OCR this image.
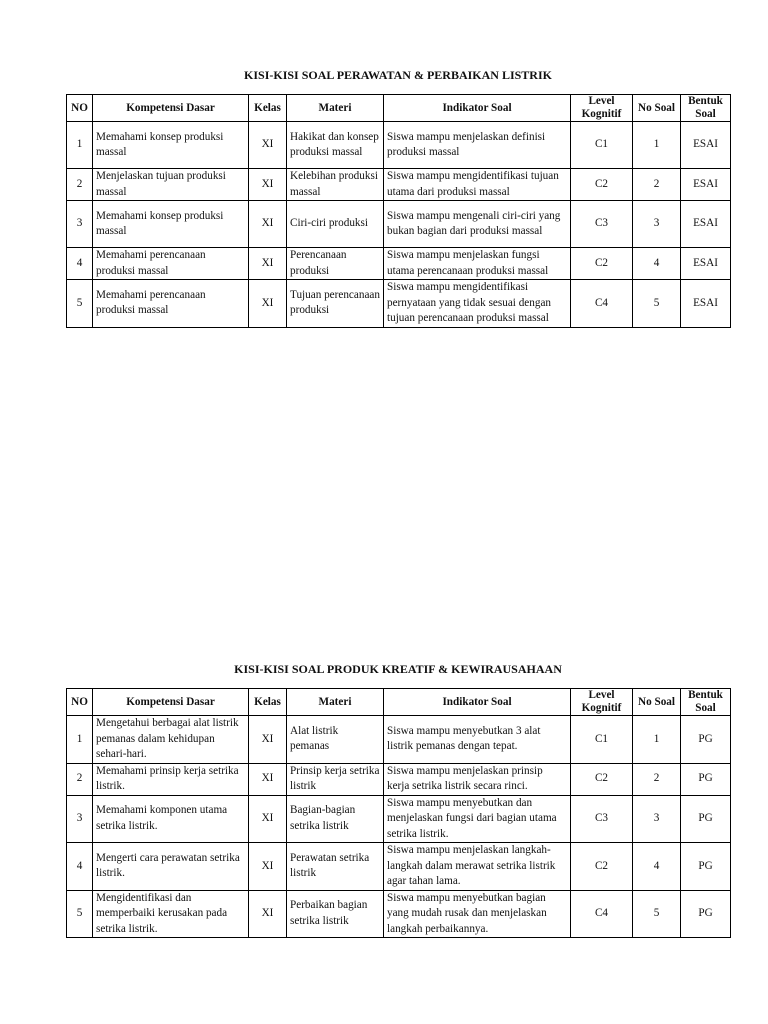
KISI-KISI SOAL PERAWATAN & PERBAIKAN LISTRIK
NO	Kompetensi Dasar	Kelas	Materi	Indikator Soal	Level Kognitif	No Soal	Bentuk Soal
1	Memahami konsep produksi massal	XI	Hakikat dan konsep produksi massal	Siswa mampu menjelaskan definisi produksi massal	C1	1	ESAI
2	Menjelaskan tujuan produksi massal	XI	Kelebihan produksi massal	Siswa mampu mengidentifikasi tujuan utama dari produksi massal	C2	2	ESAI
3	Memahami konsep produksi massal	XI	Ciri-ciri produksi	Siswa mampu mengenali ciri-ciri yang bukan bagian dari produksi massal	C3	3	ESAI
4	Memahami perencanaan produksi massal	XI	Perencanaan produksi	Siswa mampu menjelaskan fungsi utama perencanaan produksi massal	C2	4	ESAI
5	Memahami perencanaan produksi massal	XI	Tujuan perencanaan produksi	Siswa mampu mengidentifikasi pernyataan yang tidak sesuai dengan tujuan perencanaan produksi massal	C4	5	ESAI
KISI-KISI SOAL PRODUK KREATIF & KEWIRAUSAHAAN
NO	Kompetensi Dasar	Kelas	Materi	Indikator Soal	Level Kognitif	No Soal	Bentuk Soal
1	Mengetahui berbagai alat listrik pemanas dalam kehidupan sehari-hari.	XI	Alat listrik pemanas	Siswa mampu menyebutkan 3 alat listrik pemanas dengan tepat.	C1	1	PG
2	Memahami prinsip kerja setrika listrik.	XI	Prinsip kerja setrika listrik	Siswa mampu menjelaskan prinsip kerja setrika listrik secara rinci.	C2	2	PG
3	Memahami komponen utama setrika listrik.	XI	Bagian-bagian setrika listrik	Siswa mampu menyebutkan dan menjelaskan fungsi dari bagian utama setrika listrik.	C3	3	PG
4	Mengerti cara perawatan setrika listrik.	XI	Perawatan setrika listrik	Siswa mampu menjelaskan langkah-langkah dalam merawat setrika listrik agar tahan lama.	C2	4	PG
5	Mengidentifikasi dan memperbaiki kerusakan pada setrika listrik.	XI	Perbaikan bagian setrika listrik	Siswa mampu menyebutkan bagian yang mudah rusak dan menjelaskan langkah perbaikannya.	C4	5	PG
